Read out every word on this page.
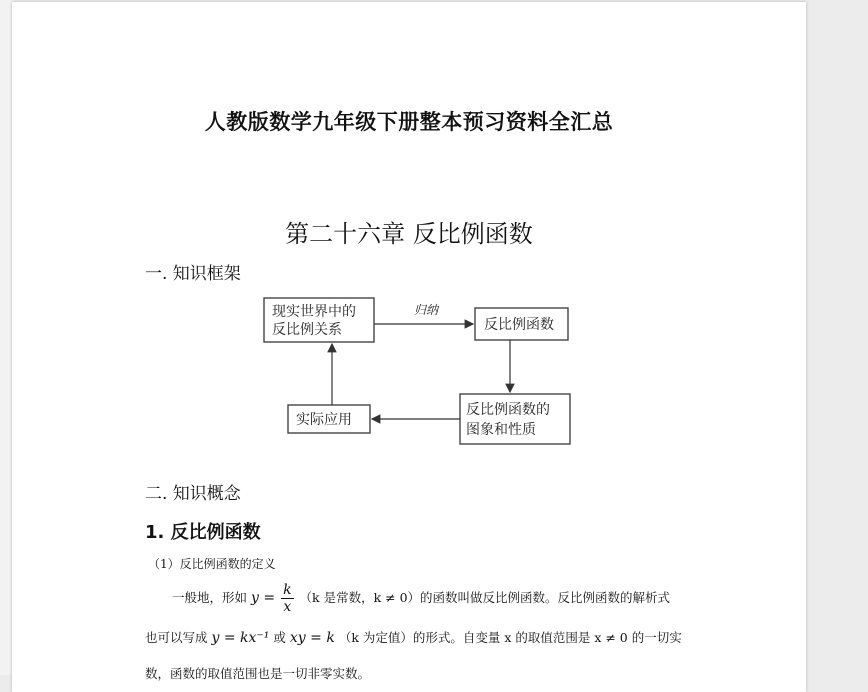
人教版数学九年级下册整本预习资料全汇总
第二十六章 反比例函数
一. 知识框架
现实世界中的
反比例关系	反比例函数
反比例函数的
图象和性质
实际应用
归纳
二. 知识概念
1. 反比例函数
（1）反比例函数的定义
一般地，形如 $y = \frac{k}{x} (k$ 是常数，k ≠ 0）的函数叫做反比例函数。反比例函数的解析式
也可以写成 y = kx⁻¹ 或 xy = k （k 为定值）的形式。自变量 x 的取值范围是 x ≠ 0 的一切实
数，函数的取值范围也是一切非零实数。
